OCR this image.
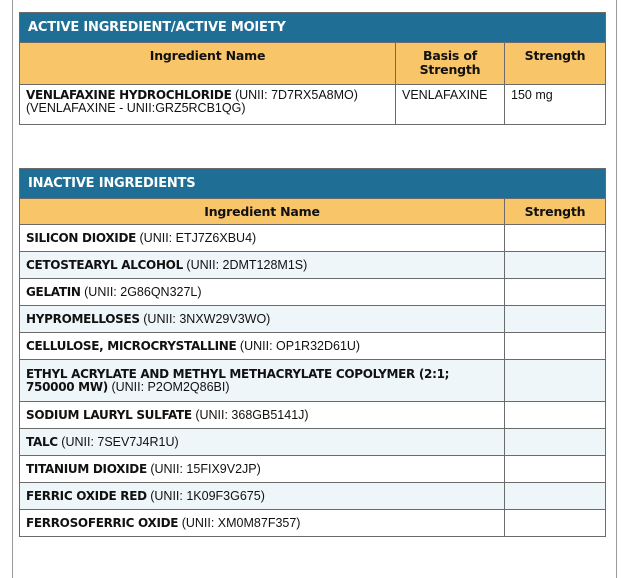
ACTIVE INGREDIENT/ACTIVE MOIETY		
Ingredient Name	Basis of Strength	Strength
VENLAFAXINE HYDROCHLORIDE (UNII: 7D7RX5A8MO) (VENLAFAXINE - UNII:GRZ5RCB1QG)	VENLAFAXINE	150 mg
INACTIVE INGREDIENTS	
Ingredient Name	Strength
SILICON DIOXIDE (UNII: ETJ7Z6XBU4)	
CETOSTEARYL ALCOHOL (UNII: 2DMT128M1S)	
GELATIN (UNII: 2G86QN327L)	
HYPROMELLOSES (UNII: 3NXW29V3WO)	
CELLULOSE, MICROCRYSTALLINE (UNII: OP1R32D61U)	
ETHYL ACRYLATE AND METHYL METHACRYLATE COPOLYMER (2:1; 750000 MW) (UNII: P2OM2Q86BI)	
SODIUM LAURYL SULFATE (UNII: 368GB5141J)	
TALC (UNII: 7SEV7J4R1U)	
TITANIUM DIOXIDE (UNII: 15FIX9V2JP)	
FERRIC OXIDE RED (UNII: 1K09F3G675)	
FERROSOFERRIC OXIDE (UNII: XM0M87F357)	
